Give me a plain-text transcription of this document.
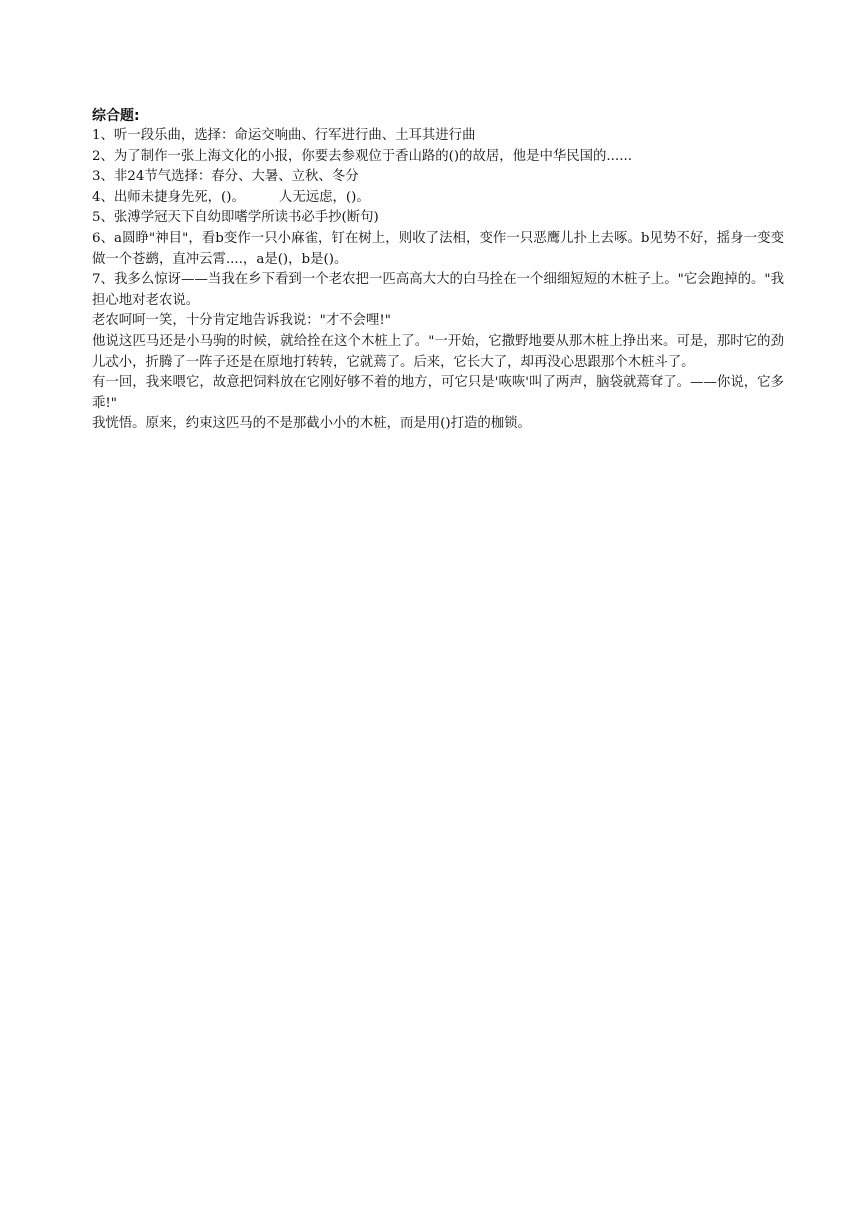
综合题:

1、听一段乐曲，选择：命运交响曲、行军进行曲、土耳其进行曲

2、为了制作一张上海文化的小报，你要去参观位于香山路的()的故居，他是中华民国的......

3、非24节气选择：春分、大暑、立秋、冬分

4、出师未捷身先死，()。        人无远虑，()。

5、张溥学冠天下自幼即嗜学所读书必手抄(断句)

6、a圆睁"神目"，看b变作一只小麻雀，钉在树上，则收了法相，变作一只恶鹰儿扑上去啄。b见势不好，摇身一变变做一个苍鹚，直冲云霄....，a是()，b是()。

7、我多么惊讶——当我在乡下看到一个老农把一匹高高大大的白马拴在一个细细短短的木桩子上。"它会跑掉的。"我担心地对老农说。

老农呵呵一笑，十分肯定地告诉我说："才不会哩!"

他说这匹马还是小马驹的时候，就给拴在这个木桩上了。"一开始，它撒野地要从那木桩上挣出来。可是，那时它的劲儿忒小，折腾了一阵子还是在原地打转转，它就蔫了。后来，它长大了，却再没心思跟那个木桩斗了。

有一回，我来喂它，故意把饲料放在它刚好够不着的地方，可它只是'咴咴'叫了两声，脑袋就蔫耷了。——你说，它多乖!"

我恍悟。原来，约束这匹马的不是那截小小的木桩，而是用()打造的枷锁。
